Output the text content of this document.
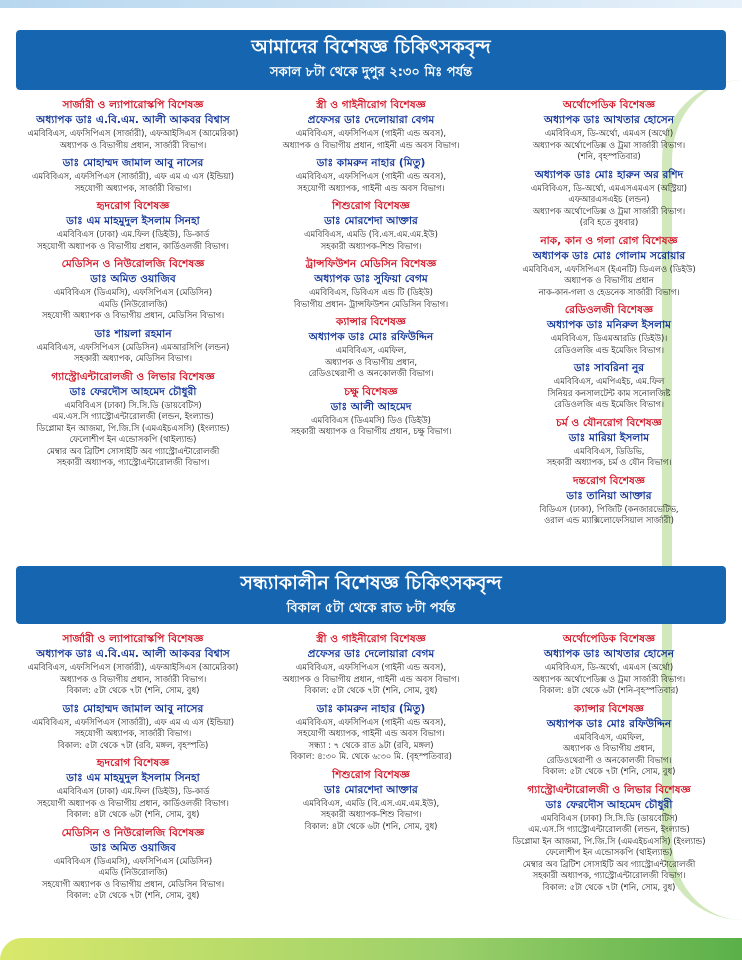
আমাদের বিশেষজ্ঞ চিকিৎসকবৃন্দ
সকাল ৮টা থেকে দুপুর ২:৩০ মিঃ পর্যন্ত
সার্জারী ও ল্যাপারোস্কপি বিশেষজ্ঞ
অধ্যাপক ডাঃ এ.বি.এম. আলী আকবর বিশ্বাস
এমবিবিএস, এফসিপিএস (সার্জারী), এফআইসিএস (আমেরিকা)
অধ্যাপক ও বিভাগীয় প্রধান, সার্জারী বিভাগ।
ডাঃ মোহাম্মদ জামাল আবু নাসের
এমবিবিএস, এফসিপিএস (সার্জারী), এফ এম এ এস (ইন্ডিয়া)
সহযোগী অধ্যাপক, সার্জারী বিভাগ।
হৃদরোগ বিশেষজ্ঞ
ডাঃ এম মাহমুদুল ইসলাম সিনহা
এমবিবিএস (ঢাকা) এম.ফিল (ডিইউ), ডি-কার্ড
সহযোগী অধ্যাপক ও বিভাগীয় প্রধান, কার্ডিওলজী বিভাগ।
মেডিসিন ও নিউরোলজি বিশেষজ্ঞ
ডাঃ অমিত ওয়াজিব
এমবিবিএস (ডিএমসি), এফসিপিএস (মেডিসিন)
এমডি (নিউরোলজি)
সহযোগী অধ্যাপক ও বিভাগীয় প্রধান, মেডিসিন বিভাগ।
ডাঃ শায়লা রহমান
এমবিবিএস, এফসিপিএস (মেডিসিন) এমআরসিপি (লন্ডন)
সহকারী অধ্যাপক, মেডিসিন বিভাগ।
গ্যাস্ট্রোএন্টারোলজী ও লিভার বিশেষজ্ঞ
ডাঃ ফেরদৌস আহমেদ চৌধুরী
এমবিবিএস (ঢাকা) সি.সি.ডি (ডায়বেটিস)
এম.এস.সি গ্যাস্ট্রোএন্টারোলজী (লন্ডন, ইংল্যান্ড)
ডিপ্লোমা ইন আজমা, পি.জি.সি (এমএইচএসসি) (ইংল্যান্ড)
ফেলোশীপ ইন এন্ডোসকপি (থাইল্যান্ড)
মেম্বার অব ব্রিটিশ সোসাইটি অব গ্যাস্ট্রোএন্টারোলজী
সহকারী অধ্যাপক, গ্যাস্ট্রোএন্টারোলজী বিভাগ।
স্ত্রী ও গাইনীরোগ বিশেষজ্ঞ
প্রফেসর ডাঃ দেলোয়ারা বেগম
এমবিবিএস, এফসিপিএস (গাইনী এন্ড অবস),
অধ্যাপক ও বিভাগীয় প্রধান, গাইনী এন্ড অবস বিভাগ।
ডাঃ কামরুন নাহার (মিতু)
এমবিবিএস, এফসিপিএস (গাইনী এন্ড অবস),
সহযোগী অধ্যাপক, গাইনী এন্ড অবস বিভাগ।
শিশুরোগ বিশেষজ্ঞ
ডাঃ মোরশেদা আক্তার
এমবিবিএস, এমডি (বি.এস.এম.এম.ইউ)
সহকারী অধ্যাপক-শিশু বিভাগ।
ট্রান্সফিউশন মেডিসিন বিশেষজ্ঞ
অধ্যাপক ডাঃ সুফিয়া বেগম
এমবিবিএস, ডিবিএস এন্ড টি (ডিইউ)
বিভাগীয় প্রধান- ট্রান্সফিউশন মেডিসিন বিভাগ।
ক্যান্সার বিশেষজ্ঞ
অধ্যাপক ডাঃ মোঃ রফিউদ্দিন
এমবিবিএস, এমফিল,
অধ্যাপক ও বিভাগীয় প্রধান,
রেডিওথেরাপী ও অনকোলজী বিভাগ।
চক্ষু বিশেষজ্ঞ
ডাঃ আলী আহমেদ
এমবিবিএস (ডিএমসি) ডিও (ডিইউ)
সহকারী অধ্যাপক ও বিভাগীয় প্রধান, চক্ষু বিভাগ।
অর্থোপেডিক বিশেষজ্ঞ
অধ্যাপক ডাঃ আখতার হোসেন
এমবিবিএস, ডি-অর্থো, এমএস (অর্থো)
অধ্যাপক অর্থোপেডিক্স ও ট্রমা সার্জারী বিভাগ।
(শনি, বৃহস্পতিবার)
অধ্যাপক ডাঃ মোঃ হারুন অর রশিদ
এমবিবিএস, ডি-অর্থো, এমএসএমএস (অস্ট্রিয়া)
এফআরএসএইচ (লন্ডন)
অধ্যাপক অর্থোপেডিক্স ও ট্রমা সার্জারী বিভাগ।
(রবি হতে বুধবার)
নাক, কান ও গলা রোগ বিশেষজ্ঞ
অধ্যাপক ডাঃ মোঃ গোলাম সরোয়ার
এমবিবিএস, এফসিপিএস (ইএনটি) ডিএলও (ডিইউ)
অধ্যাপক ও বিভাগীয় প্রধান
নাক-কান-গলা ও হেডনেক সার্জারী বিভাগ।
রেডিওলজী বিশেষজ্ঞ
অধ্যাপক ডাঃ মনিরুল ইসলাম
এমবিবিএস, ডিএমআরডি (ডিইউ)।
রেডিওলজি এন্ড ইমেজিং বিভাগ।
ডাঃ সাবরিনা নুর
এমবিবিএস, এমপিএইচ, এম.ফিল
সিনিয়র কনসালটেন্ট কাম সনোলজিষ্ট
রেডিওলজি এন্ড ইমেজিং বিভাগ।
চর্ম ও যৌনরোগ বিশেষজ্ঞ
ডাঃ মারিয়া ইসলাম
এমবিবিএস, ডিডিভি,
সহকারী অধ্যাপক, চর্ম ও যৌন বিভাগ।
দন্তরোগ বিশেষজ্ঞ
ডাঃ তানিয়া আক্তার
বিডিএস (ঢাকা), পিজিটি (কনজারভেটিভ,
ওরাল এন্ড ম্যাক্সিলোফেসিয়াল সার্জারী)
সন্ধ্যাকালীন বিশেষজ্ঞ চিকিৎসকবৃন্দ
বিকাল ৫টা থেকে রাত ৮টা পর্যন্ত
সার্জারী ও ল্যাপারোস্কপি বিশেষজ্ঞ
অধ্যাপক ডাঃ এ.বি.এম. আলী আকবর বিশ্বাস
এমবিবিএস, এফসিপিএস (সার্জারী), এফআইসিএস (আমেরিকা)
অধ্যাপক ও বিভাগীয় প্রধান, সার্জারী বিভাগ।
বিকাল: ৫টা থেকে ৭টা (শনি, সোম, বুধ)
ডাঃ মোহাম্মদ জামাল আবু নাসের
এমবিবিএস, এফসিপিএস (সার্জারী), এফ এম এ এস (ইন্ডিয়া)
সহযোগী অধ্যাপক, সার্জারী বিভাগ।
বিকাল: ৫টা থেকে ৭টা (রবি, মঙ্গল, বৃহস্পতি)
হৃদরোগ বিশেষজ্ঞ
ডাঃ এম মাহমুদুল ইসলাম সিনহা
এমবিবিএস (ঢাকা) এম.ফিল (ডিইউ), ডি-কার্ড
সহযোগী অধ্যাপক ও বিভাগীয় প্রধান, কার্ডিওলজী বিভাগ।
বিকাল: ৪টা থেকে ৬টা (শনি, সোম, বুধ)
মেডিসিন ও নিউরোলজি বিশেষজ্ঞ
ডাঃ অমিত ওয়াজিব
এমবিবিএস (ডিএমসি), এফসিপিএস (মেডিসিন)
এমডি (নিউরোলজি)
সহযোগী অধ্যাপক ও বিভাগীয় প্রধান, মেডিসিন বিভাগ।
বিকাল: ৫টা থেকে ৭টা (শনি, সোম, বুধ)
স্ত্রী ও গাইনীরোগ বিশেষজ্ঞ
প্রফেসর ডাঃ দেলোয়ারা বেগম
এমবিবিএস, এফসিপিএস (গাইনী এন্ড অবস),
অধ্যাপক ও বিভাগীয় প্রধান, গাইনী এন্ড অবস বিভাগ।
বিকাল: ৫টা থেকে ৭টা (শনি, সোম, বুধ)
ডাঃ কামরুন নাহার (মিতু)
এমবিবিএস, এফসিপিএস (গাইনী এন্ড অবস),
সহযোগী অধ্যাপক, গাইনী এন্ড অবস বিভাগ।
সন্ধ্যা : ৭ থেকে রাত ৯টা (রবি, মঙ্গল)
বিকাল: ৪:৩০ মি. থেকে ৬:৩০ মি. (বৃহস্পতিবার)
শিশুরোগ বিশেষজ্ঞ
ডাঃ মোরশেদা আক্তার
এমবিবিএস, এমডি (বি.এস.এম.এম.ইউ),
সহকারী অধ্যাপক-শিশু বিভাগ।
বিকাল: ৪টা থেকে ৬টা (শনি, সোম, বুধ)
অর্থোপেডিক বিশেষজ্ঞ
অধ্যাপক ডাঃ আখতার হোসেন
এমবিবিএস, ডি-অর্থো, এমএস (অর্থো)
অধ্যাপক অর্থোপেডিক্স ও ট্রমা সার্জারী বিভাগ।
বিকাল: ৪টা থেকে ৬টা (শনি-বৃহস্পতিবার)
ক্যান্সার বিশেষজ্ঞ
অধ্যাপক ডাঃ মোঃ রফিউদ্দিন
এমবিবিএস, এমফিল,
অধ্যাপক ও বিভাগীয় প্রধান,
রেডিওথেরাপী ও অনকোলজী বিভাগ।
বিকাল: ৫টা থেকে ৭টা (শনি, সোম, বুধ)
গ্যাস্ট্রোএন্টারোলজী ও লিভার বিশেষজ্ঞ
ডাঃ ফেরদৌস আহমেদ চৌধুরী
এমবিবিএস (ঢাকা) সি.সি.ডি (ডায়বেটিস)
এম.এস.সি গ্যাস্ট্রোএন্টারোলজী (লন্ডন, ইংল্যান্ড)
ডিপ্লোমা ইন আজমা, পি.জি.সি (এমএইচএসসি) (ইংল্যান্ড)
ফেলোশীপ ইন এন্ডোসকপি (থাইল্যান্ড)
মেম্বার অব ব্রিটিশ সোসাইটি অব গ্যাস্ট্রোএন্টারোলজী
সহকারী অধ্যাপক, গ্যাস্ট্রোএন্টারোলজী বিভাগ।
বিকাল: ৫টা থেকে ৭টা (শনি, সোম, বুধ)
